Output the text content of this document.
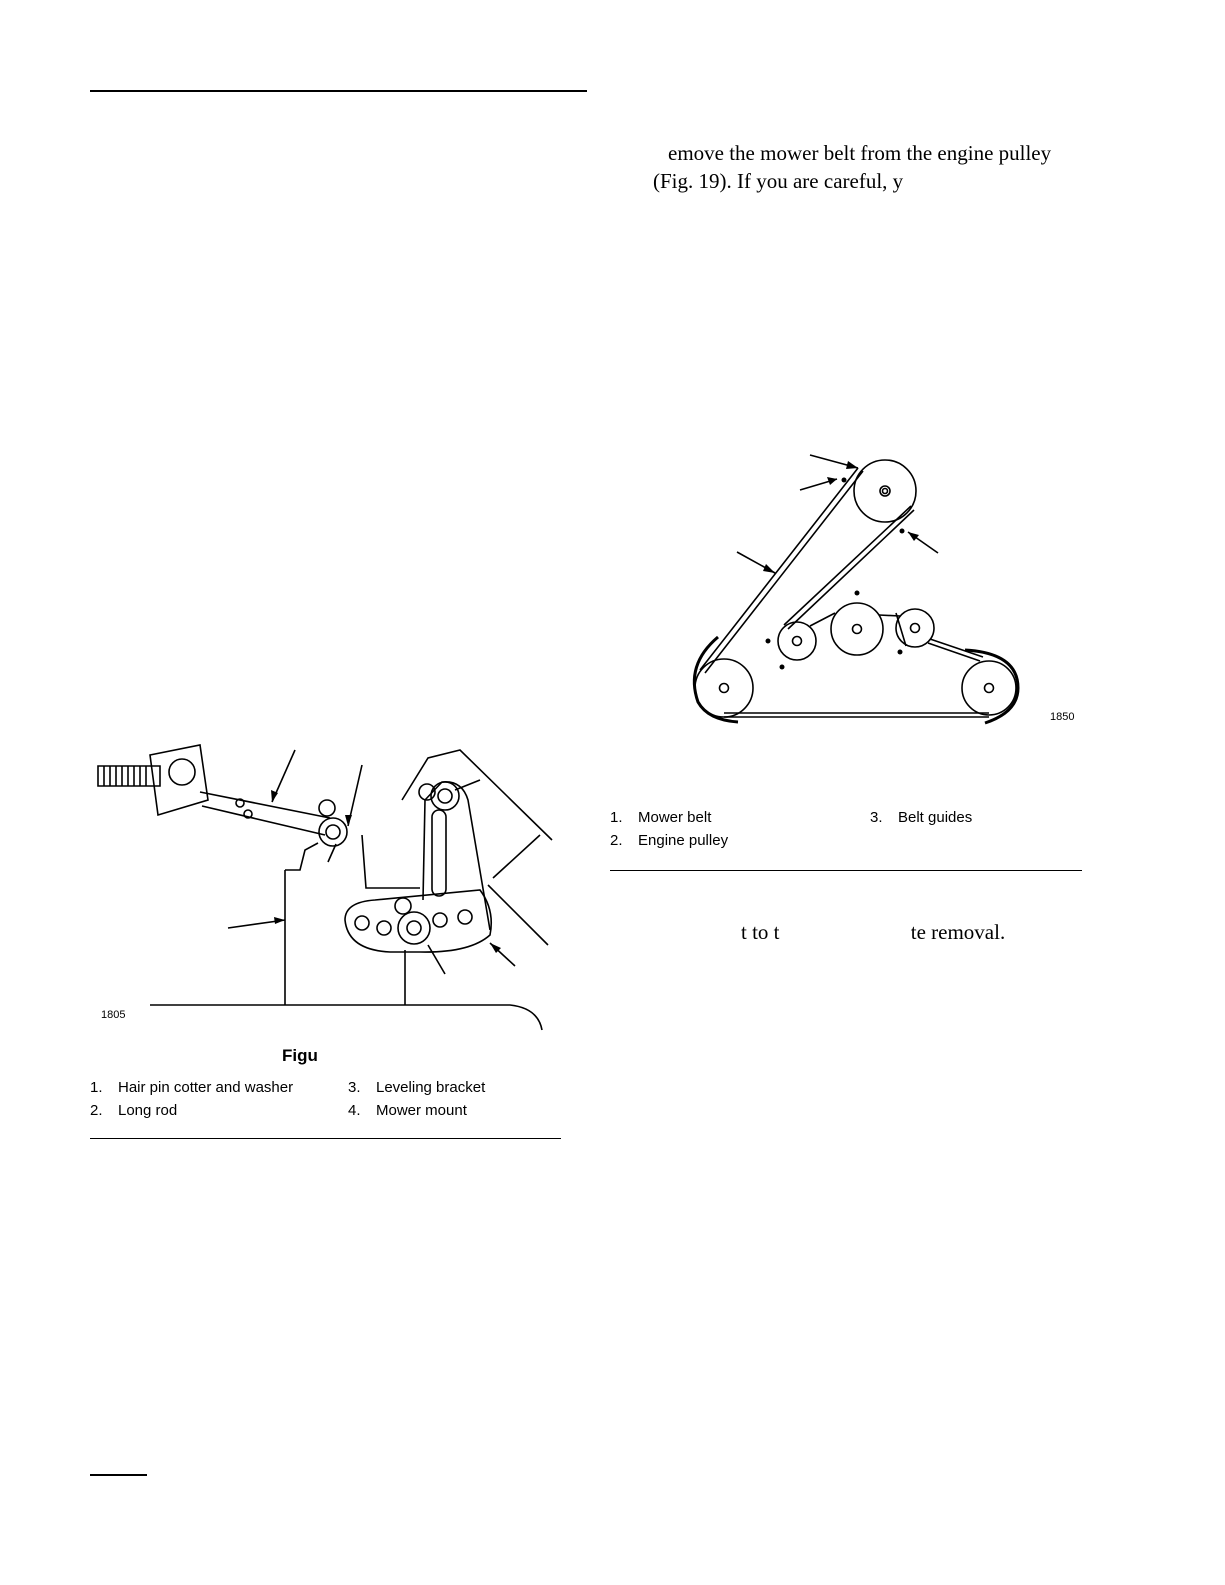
emove the mower belt from the engine pulley

(Fig. 19). If you are careful, y

1850
1. Mower belt	3. Belt guides
2. Engine pulley

t to t                         te removal.

1805
Figu
1. Hair pin cotter and washer	3. Leveling bracket
2. Long rod	4. Mower mount
